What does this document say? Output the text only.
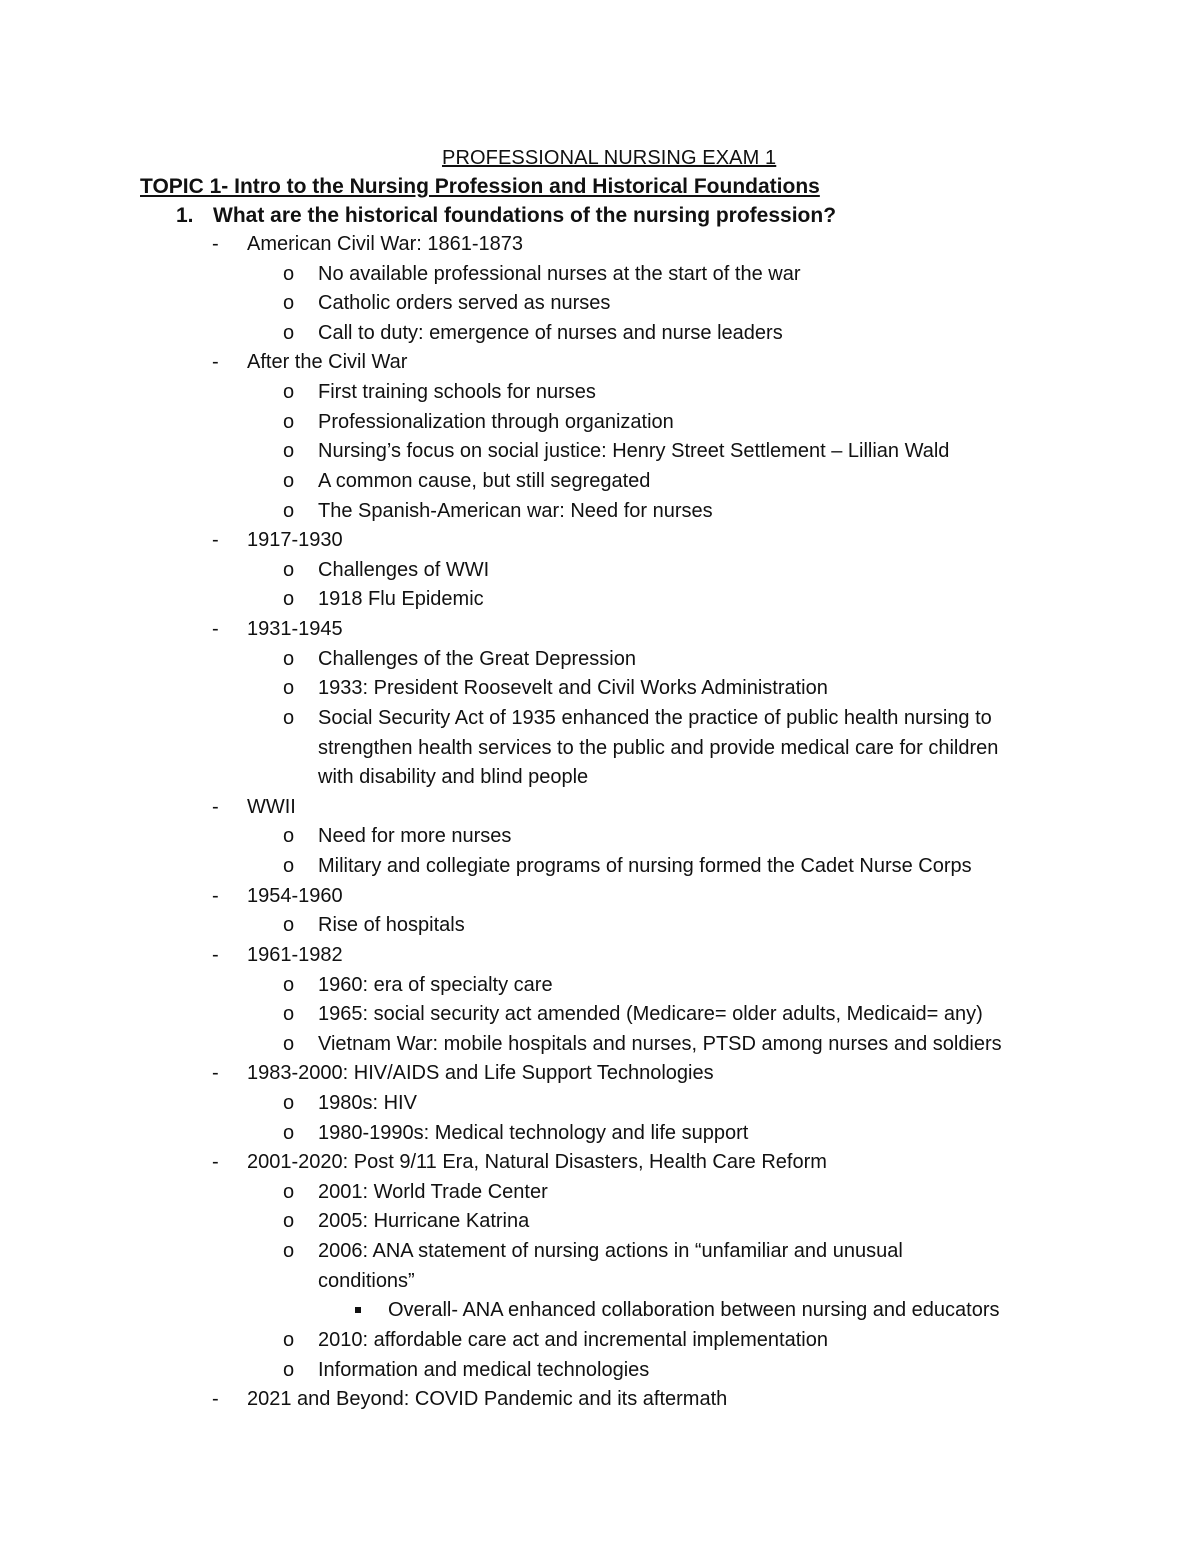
PROFESSIONAL NURSING EXAM 1
TOPIC 1- Intro to the Nursing Profession and Historical Foundations
1. What are the historical foundations of the nursing profession?
- American Civil War: 1861-1873
o No available professional nurses at the start of the war
o Catholic orders served as nurses
o Call to duty: emergence of nurses and nurse leaders
- After the Civil War
o First training schools for nurses
o Professionalization through organization
o Nursing’s focus on social justice: Henry Street Settlement – Lillian Wald
o A common cause, but still segregated
o The Spanish-American war: Need for nurses
- 1917-1930
o Challenges of WWI
o 1918 Flu Epidemic
- 1931-1945
o Challenges of the Great Depression
o 1933: President Roosevelt and Civil Works Administration
o Social Security Act of 1935 enhanced the practice of public health nursing to
strengthen health services to the public and provide medical care for children
with disability and blind people
- WWII
o Need for more nurses
o Military and collegiate programs of nursing formed the Cadet Nurse Corps
- 1954-1960
o Rise of hospitals
- 1961-1982
o 1960: era of specialty care
o 1965: social security act amended (Medicare= older adults, Medicaid= any)
o Vietnam War: mobile hospitals and nurses, PTSD among nurses and soldiers
- 1983-2000: HIV/AIDS and Life Support Technologies
o 1980s: HIV
o 1980-1990s: Medical technology and life support
- 2001-2020: Post 9/11 Era, Natural Disasters, Health Care Reform
o 2001: World Trade Center
o 2005: Hurricane Katrina
o 2006: ANA statement of nursing actions in “unfamiliar and unusual
conditions”
Overall- ANA enhanced collaboration between nursing and educators
o 2010: affordable care act and incremental implementation
o Information and medical technologies
- 2021 and Beyond: COVID Pandemic and its aftermath
